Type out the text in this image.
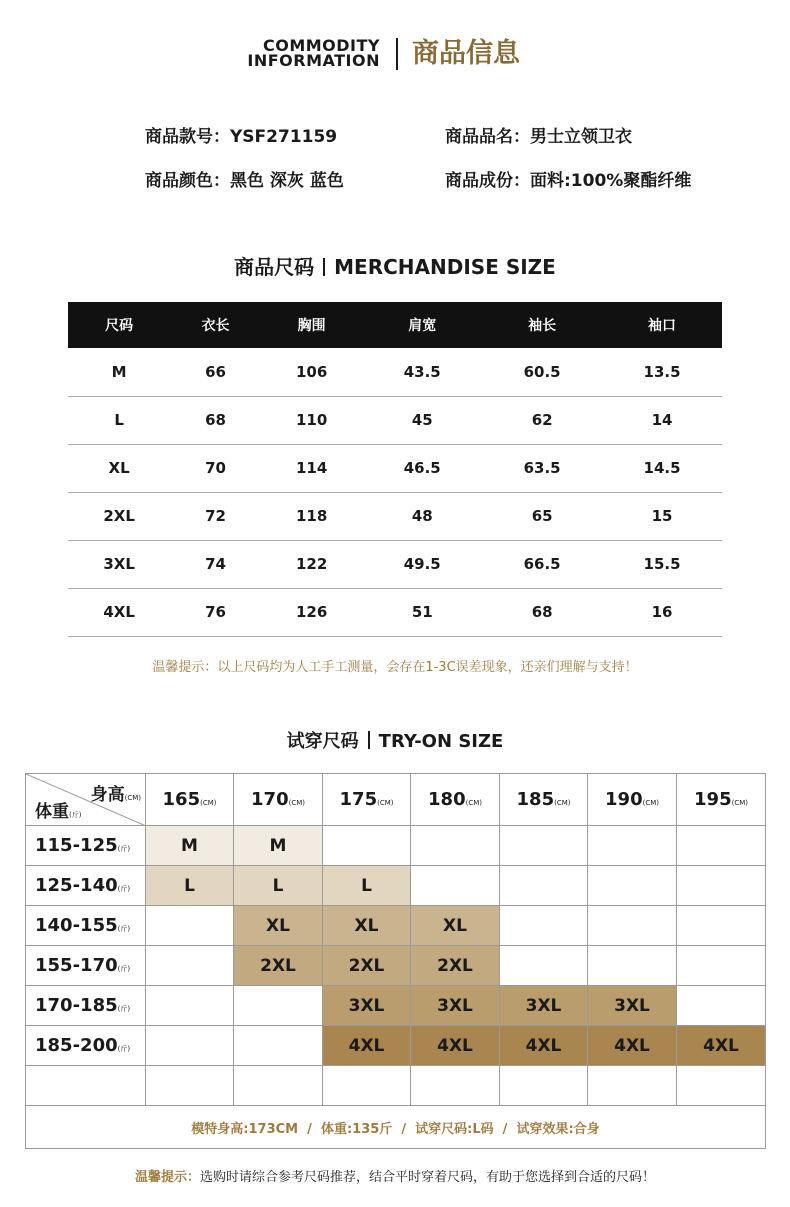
COMMODITY
INFORMATION 商品信息
商品款号：YSF271159	商品品名：男士立领卫衣
商品颜色：黑色 深灰 蓝色	商品成份：面料:100%聚酯纤维
商品尺码 MERCHANDISE SIZE
尺码	衣长	胸围	肩宽	袖长	袖口
M	66	106	43.5	60.5	13.5
L	68	110	45	62	14
XL	70	114	46.5	63.5	14.5
2XL	72	118	48	65	15
3XL	74	122	49.5	66.5	15.5
4XL	76	126	51	68	16
温馨提示：以上尺码均为人工手工测量，会存在1-3C误差现象，还亲们理解与支持！
试穿尺码 TRY-ON SIZE
身高(CM)
体重(斤)	165(CM)	170(CM)	175(CM)	180(CM)	185(CM)	190(CM)	195(CM)
115-125(斤)	M	M					
125-140(斤)	L	L	L				
140-155(斤)		XL	XL	XL			
155-170(斤)		2XL	2XL	2XL			
170-185(斤)			3XL	3XL	3XL	3XL	
185-200(斤)			4XL	4XL	4XL	4XL	4XL

模特身高:173CM  /  体重:135斤  /  试穿尺码:L码  /  试穿效果:合身							
温馨提示：选购时请综合参考尺码推荐，结合平时穿着尺码，有助于您选择到合适的尺码！
